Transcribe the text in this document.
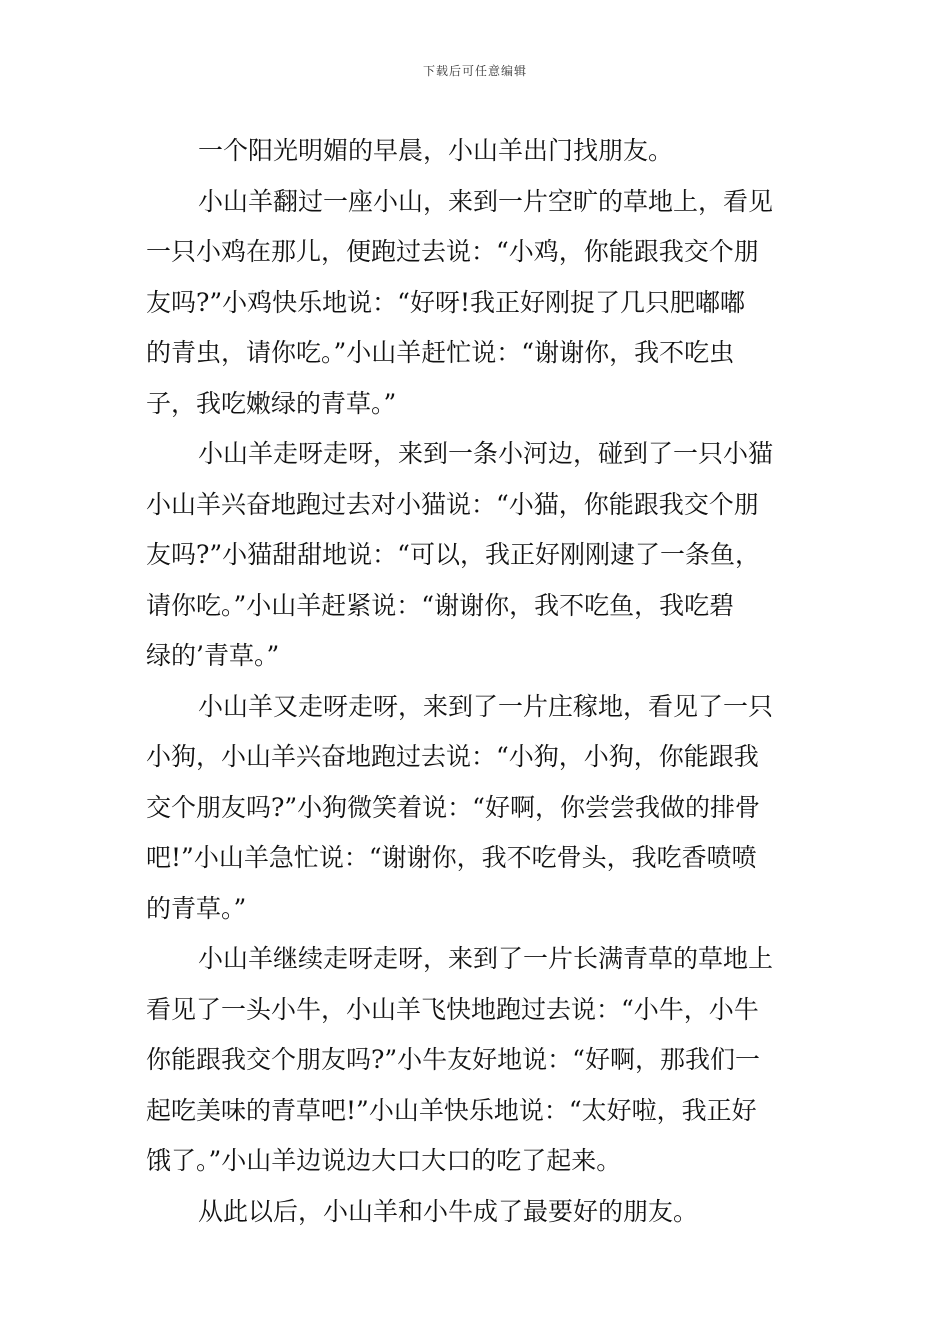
下载后可任意编辑
一个阳光明媚的早晨，小山羊出门找朋友。
小山羊翻过一座小山，来到一片空旷的草地上，看见
一只小鸡在那儿，便跑过去说：“小鸡，你能跟我交个朋
友吗?”小鸡快乐地说：“好呀!我正好刚捉了几只肥嘟嘟
的青虫，请你吃。”小山羊赶忙说：“谢谢你，我不吃虫
子，我吃嫩绿的青草。”
小山羊走呀走呀，来到一条小河边，碰到了一只小猫
小山羊兴奋地跑过去对小猫说：“小猫，你能跟我交个朋
友吗?”小猫甜甜地说：“可以，我正好刚刚逮了一条鱼，
请你吃。”小山羊赶紧说：“谢谢你，我不吃鱼，我吃碧
绿的’青草。”
小山羊又走呀走呀，来到了一片庄稼地，看见了一只
小狗，小山羊兴奋地跑过去说：“小狗，小狗，你能跟我
交个朋友吗?”小狗微笑着说：“好啊，你尝尝我做的排骨
吧!”小山羊急忙说：“谢谢你，我不吃骨头，我吃香喷喷
的青草。”
小山羊继续走呀走呀，来到了一片长满青草的草地上
看见了一头小牛，小山羊飞快地跑过去说：“小牛，小牛
你能跟我交个朋友吗?”小牛友好地说：“好啊，那我们一
起吃美味的青草吧!”小山羊快乐地说：“太好啦，我正好
饿了。”小山羊边说边大口大口的吃了起来。
从此以后，小山羊和小牛成了最要好的朋友。
